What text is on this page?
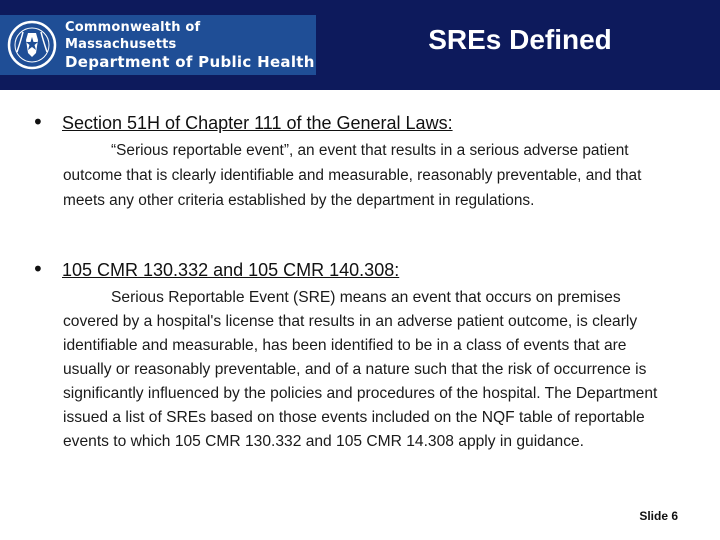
Commonwealth of Massachusetts
Department of Public Health
SREs Defined
•	Section 51H of Chapter 111 of the General Laws:
“Serious reportable event”, an event that results in a serious adverse patient outcome that is clearly identifiable and measurable, reasonably preventable, and that meets any other criteria established by the department in regulations.
•	105 CMR 130.332 and 105 CMR 140.308:
Serious Reportable Event (SRE) means an event that occurs on premises covered by a hospital's license that results in an adverse patient outcome, is clearly identifiable and measurable, has been identified to be in a class of events that are usually or reasonably preventable, and of a nature such that the risk of occurrence is significantly influenced by the policies and procedures of the hospital. The Department issued a list of SREs based on those events included on the NQF table of reportable events to which 105 CMR 130.332 and 105 CMR 14.308 apply in guidance.
Slide 6
